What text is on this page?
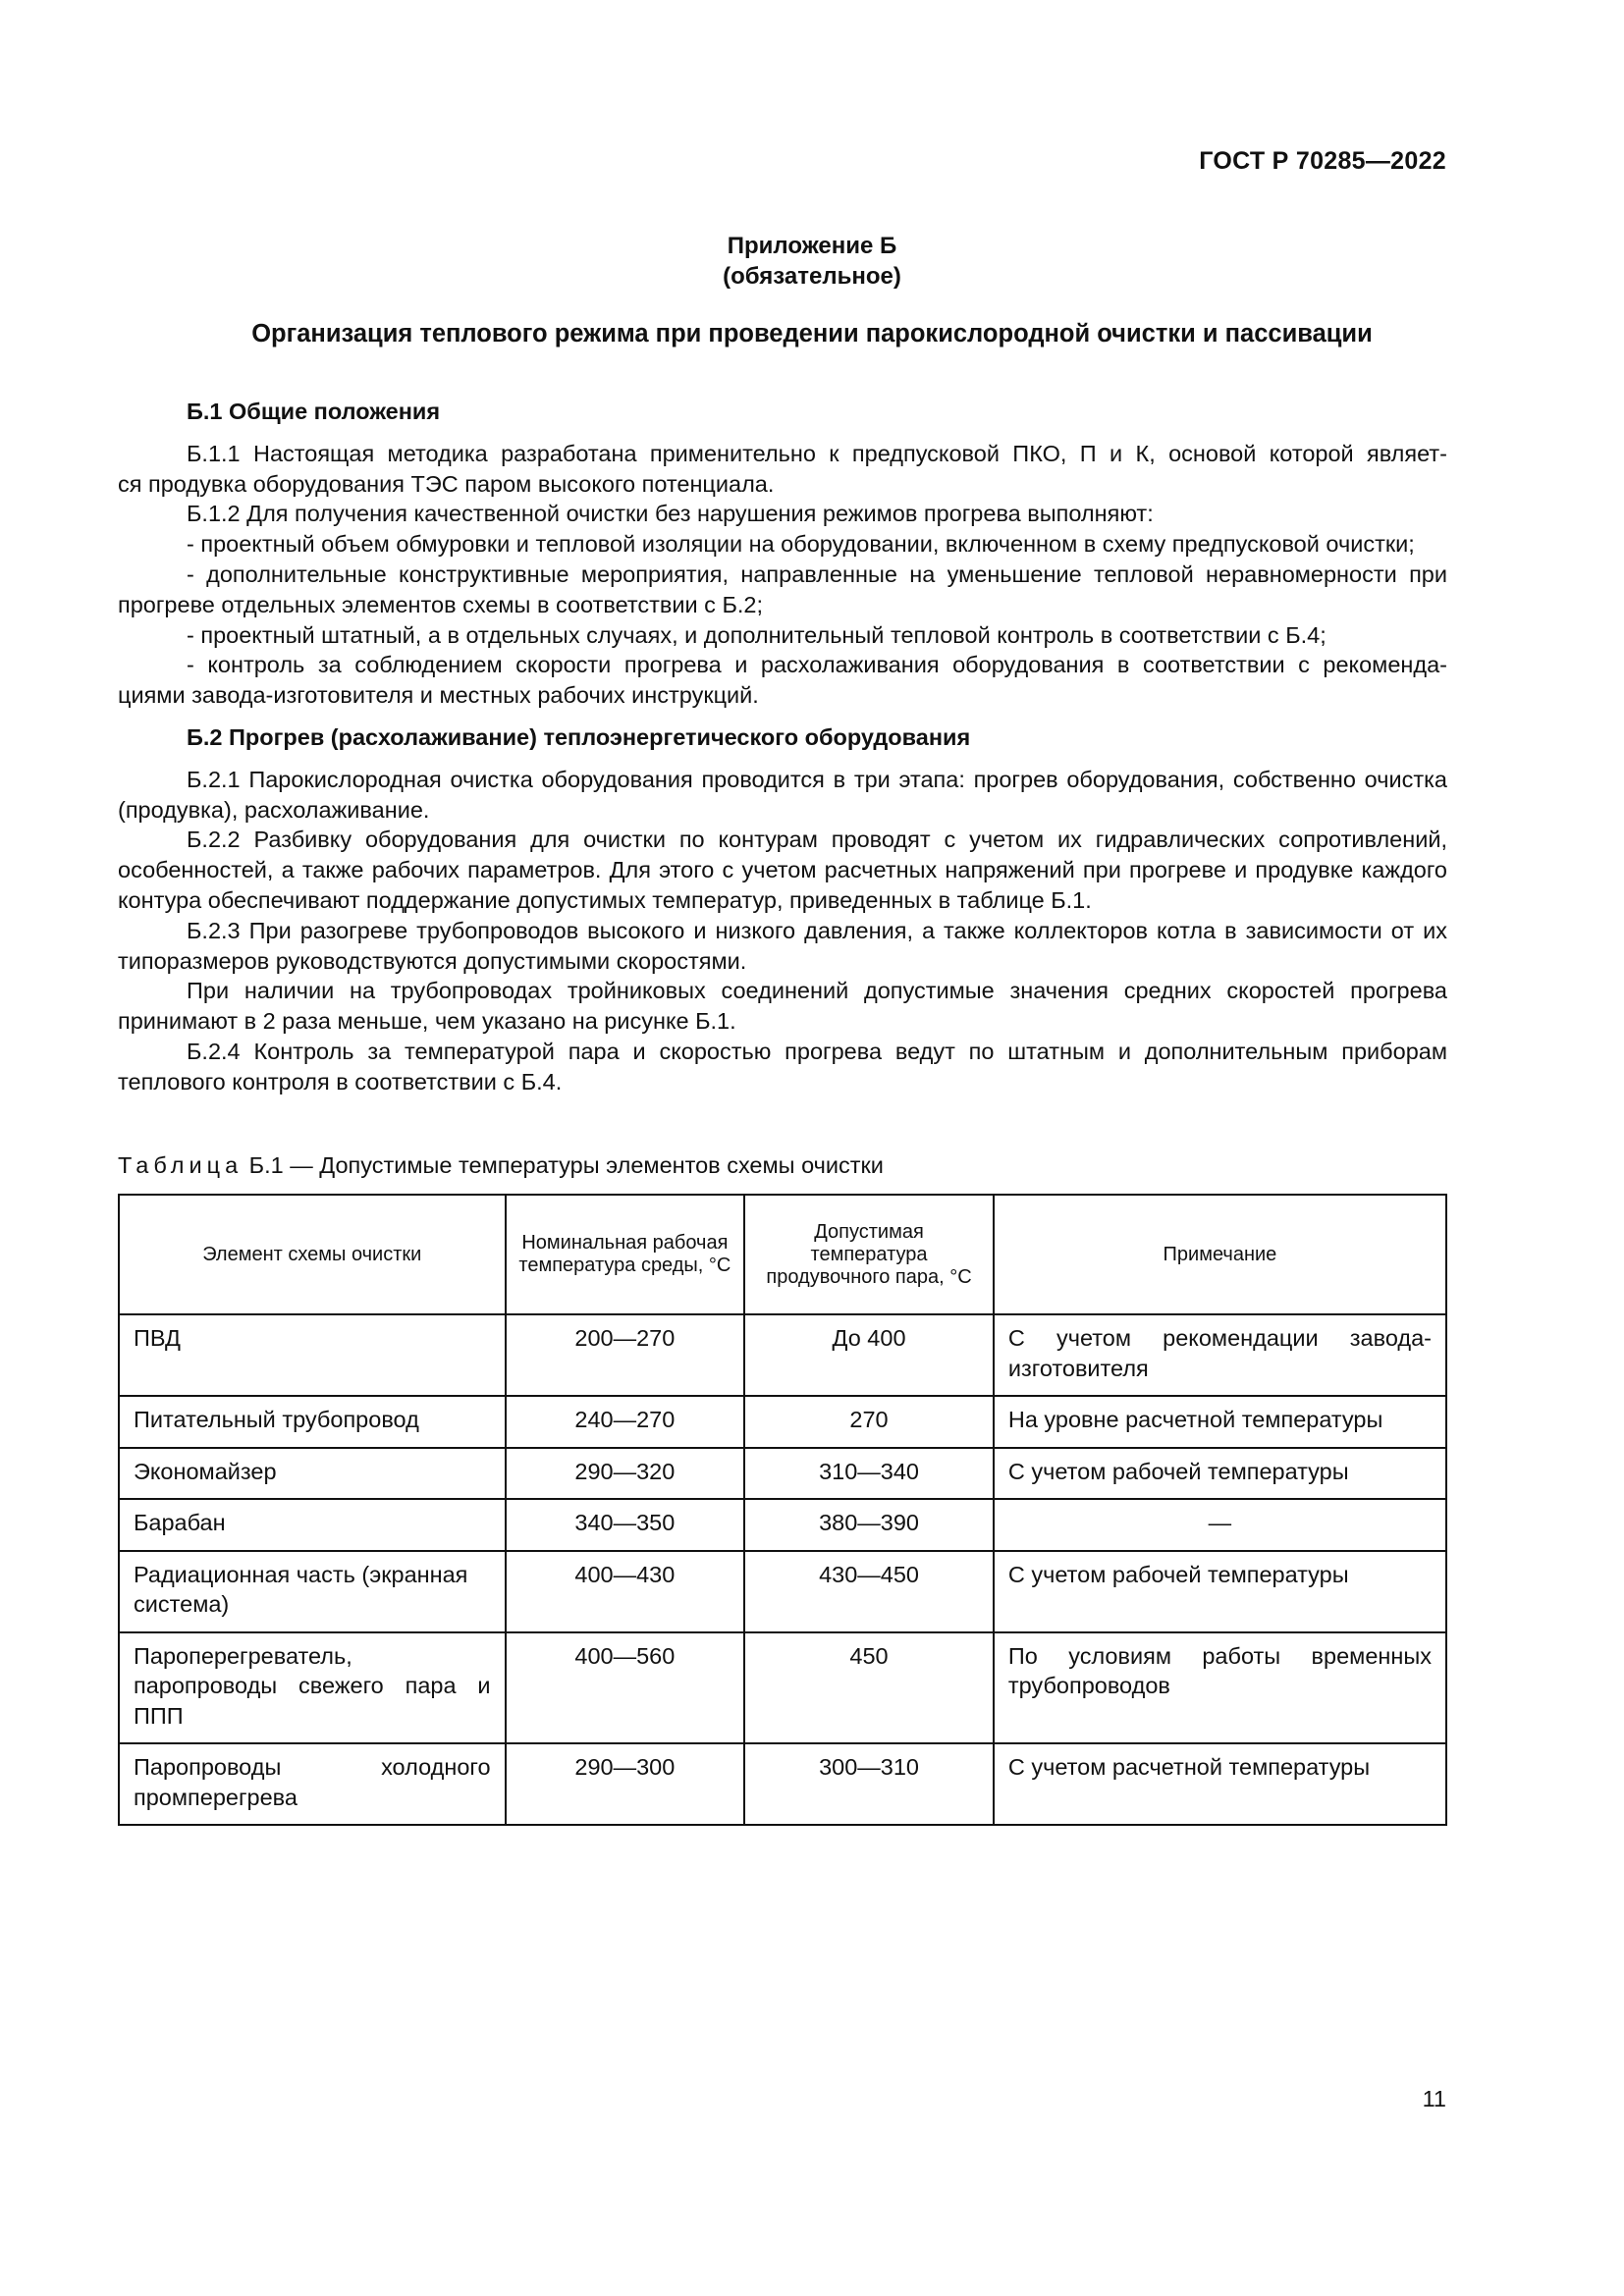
ГОСТ Р 70285—2022
Приложение Б
(обязательное)
Организация теплового режима при проведении парокислородной очистки и пассивации

Б.1 Общие положения

Б.1.1 Настоящая методика разработана применительно к предпусковой ПКО, П и К, основой которой являет-

ся продувка оборудования ТЭС паром высокого потенциала.

Б.1.2 Для получения качественной очистки без нарушения режимов прогрева выполняют:

- проектный объем обмуровки и тепловой изоляции на оборудовании, включенном в схему предпусковой очистки;

- дополнительные конструктивные мероприятия, направленные на уменьшение тепловой неравномерности при прогреве отдельных элементов схемы в соответствии с Б.2;

- проектный штатный, а в отдельных случаях, и дополнительный тепловой контроль в соответствии с Б.4;

- контроль за соблюдением скорости прогрева и расхолаживания оборудования в соответствии с рекоменда-

циями завода-изготовителя и местных рабочих инструкций.

Б.2 Прогрев (расхолаживание) теплоэнергетического оборудования

Б.2.1 Парокислородная очистка оборудования проводится в три этапа: прогрев оборудования, собственно очистка (продувка), расхолаживание.

Б.2.2 Разбивку оборудования для очистки по контурам проводят с учетом их гидравлических сопротивлений, особенностей, а также рабочих параметров. Для этого с учетом расчетных напряжений при прогреве и продувке каждого контура обеспечивают поддержание допустимых температур, приведенных в таблице Б.1.

Б.2.3 При разогреве трубопроводов высокого и низкого давления, а также коллекторов котла в зависимости от их типоразмеров руководствуются допустимыми скоростями.

При наличии на трубопроводах тройниковых соединений допустимые значения средних скоростей прогрева принимают в 2 раза меньше, чем указано на рисунке Б.1.

Б.2.4 Контроль за температурой пара и скоростью прогрева ведут по штатным и дополнительным приборам теплового контроля в соответствии с Б.4.

Таблица Б.1 — Допустимые температуры элементов схемы очистки
Элемент схемы очистки	Номинальная рабочая температура среды, °С	Допустимая температура продувочного пара, °С	Примечание
ПВД	200—270	До 400	С учетом рекомендации завода-изготовителя
Питательный трубопровод	240—270	270	На уровне расчетной температуры
Экономайзер	290—320	310—340	С учетом рабочей температуры
Барабан	340—350	380—390	—
Радиационная часть (экранная система)	400—430	430—450	С учетом рабочей температуры
Пароперегреватель, паропроводы свежего пара и ППП	400—560	450	По условиям работы временных трубопроводов
Паропроводы холодного промперегрева	290—300	300—310	С учетом расчетной температуры
11
